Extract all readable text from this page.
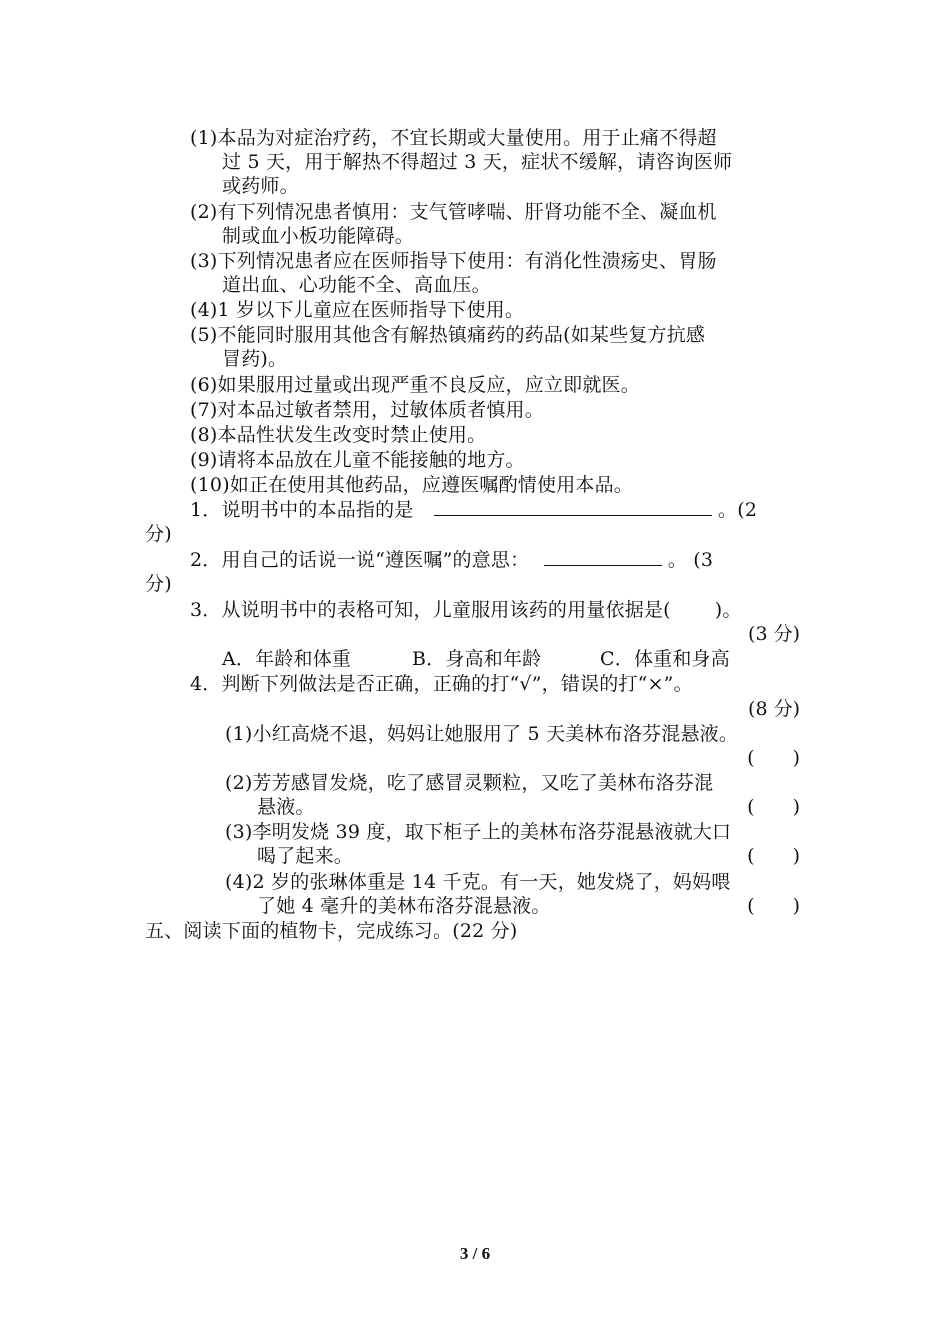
(1)本品为对症治疗药，不宜长期或大量使用。用于止痛不得超
过 5 天，用于解热不得超过 3 天，症状不缓解，请咨询医师
或药师。
(2)有下列情况患者慎用：支气管哮喘、肝肾功能不全、凝血机
制或血小板功能障碍。
(3)下列情况患者应在医师指导下使用：有消化性溃疡史、胃肠
道出血、心功能不全、高血压。
(4)1 岁以下儿童应在医师指导下使用。
(5)不能同时服用其他含有解热镇痛药的药品(如某些复方抗感
冒药)。
(6)如果服用过量或出现严重不良反应，应立即就医。
(7)对本品过敏者禁用，过敏体质者慎用。
(8)本品性状发生改变时禁止使用。
(9)请将本品放在儿童不能接触的地方。
(10)如正在使用其他药品，应遵医嘱酌情使用本品。
1．说明书中的本品指的是	。(2
分)
2．用自己的话说一说“遵医嘱”的意思：	。 (3
分)
3．从说明书中的表格可知，儿童服用该药的用量依据是( )。
(3 分)
A．年龄和体重	B．身高和年龄	C．体重和身高
4．判断下列做法是否正确，正确的打“√”，错误的打“×”。
(8 分)
(1)小红高烧不退，妈妈让她服用了 5 天美林布洛芬混悬液。
(　　)
(2)芳芳感冒发烧，吃了感冒灵颗粒，又吃了美林布洛芬混
悬液。	(　　)
(3)李明发烧 39 度，取下柜子上的美林布洛芬混悬液就大口
喝了起来。	(　　)
(4)2 岁的张琳体重是 14 千克。有一天，她发烧了，妈妈喂
了她 4 毫升的美林布洛芬混悬液。	(　　)
五、阅读下面的植物卡，完成练习。(22 分)
3 / 6
